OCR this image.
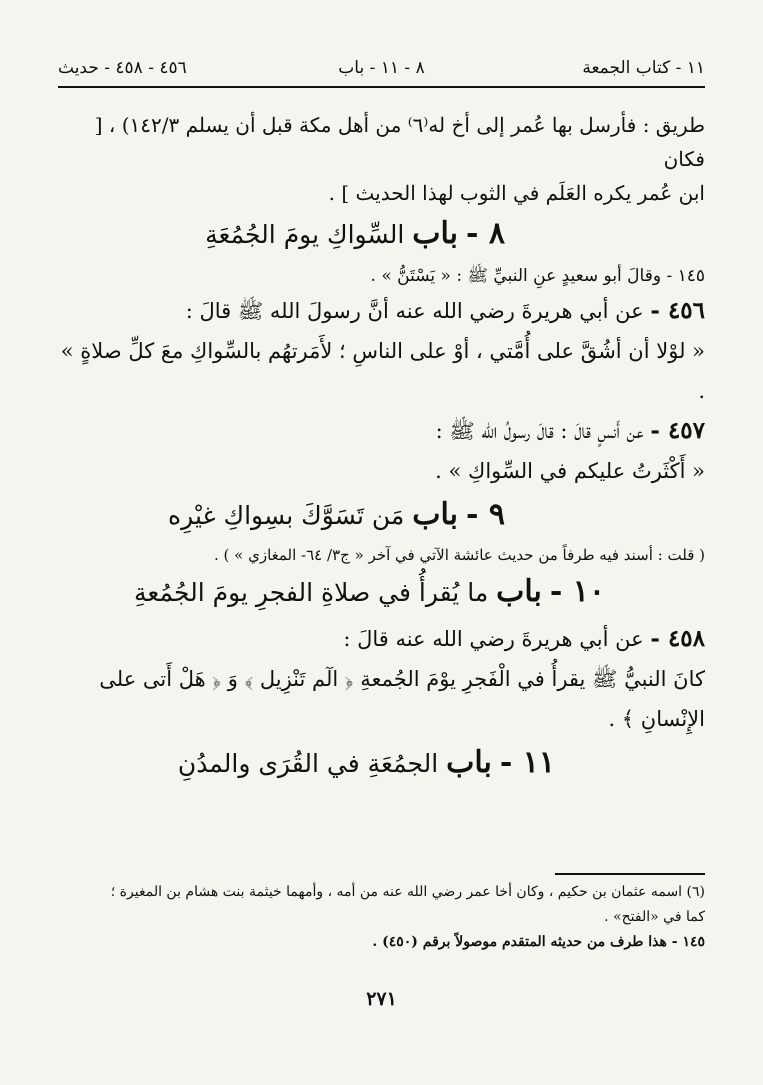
١١ - كتاب الجمعة
٨ - ١١ - باب
٤٥٦ - ٤٥٨ - حديث

طريق : فأرسل بها عُمر إلى أخ له⁽٦⁾ من أهل مكة قبل أن يسلم ١٤٢/٣) ، [ فكان

ابن عُمر يكره العَلَم في الثوب لهذا الحديث ] .

٨ - باب السِّواكِ يومَ الجُمُعَةِ

١٤٥ - وقالَ أبو سعيدٍ عنِ النبيِّ ﷺ : « يَسْتَنُّ » .

٤٥٦ - عن أبي هريرةَ رضي الله عنه أنَّ رسولَ الله ﷺ قالَ :

« لوْلا أن أشُقَّ على أُمَّتي ، أوْ على الناسِ ؛ لأَمَرتهُم بالسِّواكِ معَ كلِّ صلاةٍ » .

٤٥٧ - عن أَنسٍ قالَ : قالَ رسولُ الله ﷺ :

« أَكْثَرتُ عليكم في السِّواكِ » .

٩ - باب مَن تَسَوَّكَ بسِواكِ غيْرِه

( قلت : أسند فيه طرفاً من حديث عائشة الآتي في آخر « ج٣/ ٦٤- المغازي » ) .

١٠ - باب ما يُقرأُ في صلاةِ الفجرِ يومَ الجُمُعةِ

٤٥٨ - عن أبي هريرةَ رضي الله عنه قالَ :

كانَ النبيُّ ﷺ يقرأُ في الْفَجرِ يوْمَ الجُمعةِ ﴿ الٓم تَنْزِيل ﴾ وَ ﴿ هَلْ أَتى على

الإِنْسانِ ﴾ .

١١ - باب الجمُعَةِ في القُرَى والمدُنِ

(٦) اسمه عثمان بن حكيم ، وكان أخا عمر رضي الله عنه من أمه ، وأمهما خيثمة بنت هشام بن المغيرة ؛

كما في «الفتح» .

١٤٥ - هذا طرف من حديثه المتقدم موصولاً برقم (٤٥٠) .

٢٧١
